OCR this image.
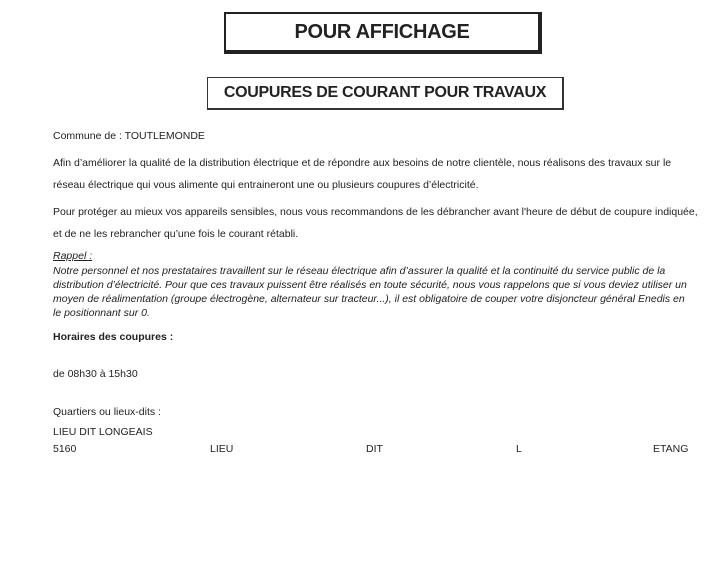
POUR AFFICHAGE
COUPURES DE COURANT POUR TRAVAUX
Commune de : TOUTLEMONDE
Afin d’améliorer la qualité de la distribution électrique et de répondre aux besoins de notre clientèle, nous réalisons des travaux sur le réseau électrique qui vous alimente qui entraineront une ou plusieurs coupures d’électricité.
Pour protéger au mieux vos appareils sensibles, nous vous recommandons de les débrancher avant l'heure de début de coupure indiquée, et de ne les rebrancher qu’une fois le courant rétabli.
Rappel :
Notre personnel et nos prestataires travaillent sur le réseau électrique afin d’assurer la qualité et la continuité du service public de la distribution d’électricité. Pour que ces travaux puissent être réalisés en toute sécurité, nous vous rappelons que si vous deviez utiliser un moyen de réalimentation (groupe électrogène, alternateur sur tracteur...), il est obligatoire de couper votre disjoncteur général Enedis en le positionnant sur 0.
Horaires des coupures :
de 08h30 à 15h30
Quartiers ou lieux-dits :
LIEU DIT LONGEAIS
5160	LIEU	DIT	L	ETANG
